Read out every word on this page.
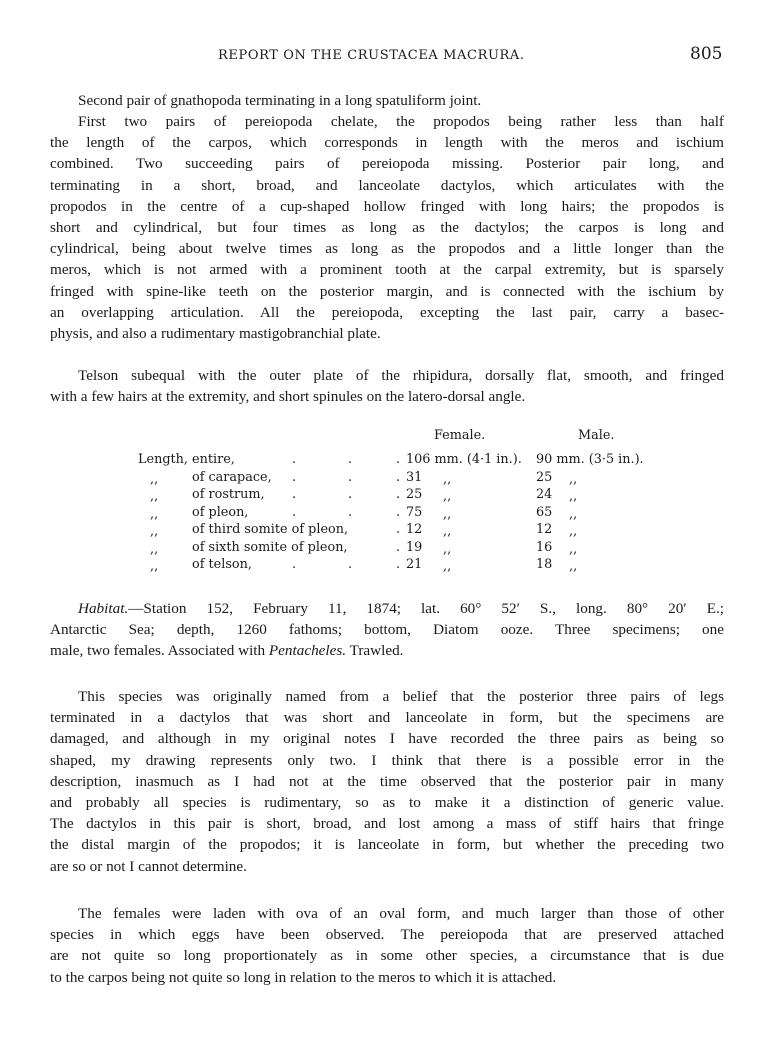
REPORT ON THE CRUSTACEA MACRURA.	805

Second pair of gnathopoda terminating in a long spatuliform joint.

First two pairs of pereiopoda chelate, the propodos being rather less than half
the length of the carpos, which corresponds in length with the meros and ischium
combined. Two succeeding pairs of pereiopoda missing. Posterior pair long, and
terminating in a short, broad, and lanceolate dactylos, which articulates with the
propodos in the centre of a cup-shaped hollow fringed with long hairs; the propodos is
short and cylindrical, but four times as long as the dactylos; the carpos is long and
cylindrical, being about twelve times as long as the propodos and a little longer than the
meros, which is not armed with a prominent tooth at the carpal extremity, but is sparsely
fringed with spine-like teeth on the posterior margin, and is connected with the ischium by
an overlapping articulation. All the pereiopoda, excepting the last pair, carry a basec-
physis, and also a rudimentary mastigobranchial plate.

Telson subequal with the outer plate of the rhipidura, dorsally flat, smooth, and fringed
with a few hairs at the extremity, and short spinules on the latero-dorsal angle.

Female.	Male.
Length, entire,	.	.	. 106 mm. (4·1 in.). 90 mm. (3·5 in.).
,,	of carapace, .	.	. 31 ,,	25 ,,
,,	of rostrum, .	.	. 25 ,,	24 ,,
,,	of pleon,	.	.	. 75 ,,	65 ,,
,,	of third somite of pleon,	. 12 ,,	12 ,,
,,	of sixth somite of pleon,	. 19 ,,	16 ,,
,,	of telson,	.	.	. 21 ,,	18 ,,

Habitat.—Station 152, February 11, 1874; lat. 60° 52′ S., long. 80° 20′ E.;
Antarctic Sea; depth, 1260 fathoms; bottom, Diatom ooze. Three specimens; one
male, two females. Associated with Pentacheles. Trawled.

This species was originally named from a belief that the posterior three pairs of legs
terminated in a dactylos that was short and lanceolate in form, but the specimens are
damaged, and although in my original notes I have recorded the three pairs as being so
shaped, my drawing represents only two. I think that there is a possible error in the
description, inasmuch as I had not at the time observed that the posterior pair in many
and probably all species is rudimentary, so as to make it a distinction of generic value.
The dactylos in this pair is short, broad, and lost among a mass of stiff hairs that fringe
the distal margin of the propodos; it is lanceolate in form, but whether the preceding two
are so or not I cannot determine.

The females were laden with ova of an oval form, and much larger than those of other
species in which eggs have been observed. The pereiopoda that are preserved attached
are not quite so long proportionately as in some other species, a circumstance that is due
to the carpos being not quite so long in relation to the meros to which it is attached.
